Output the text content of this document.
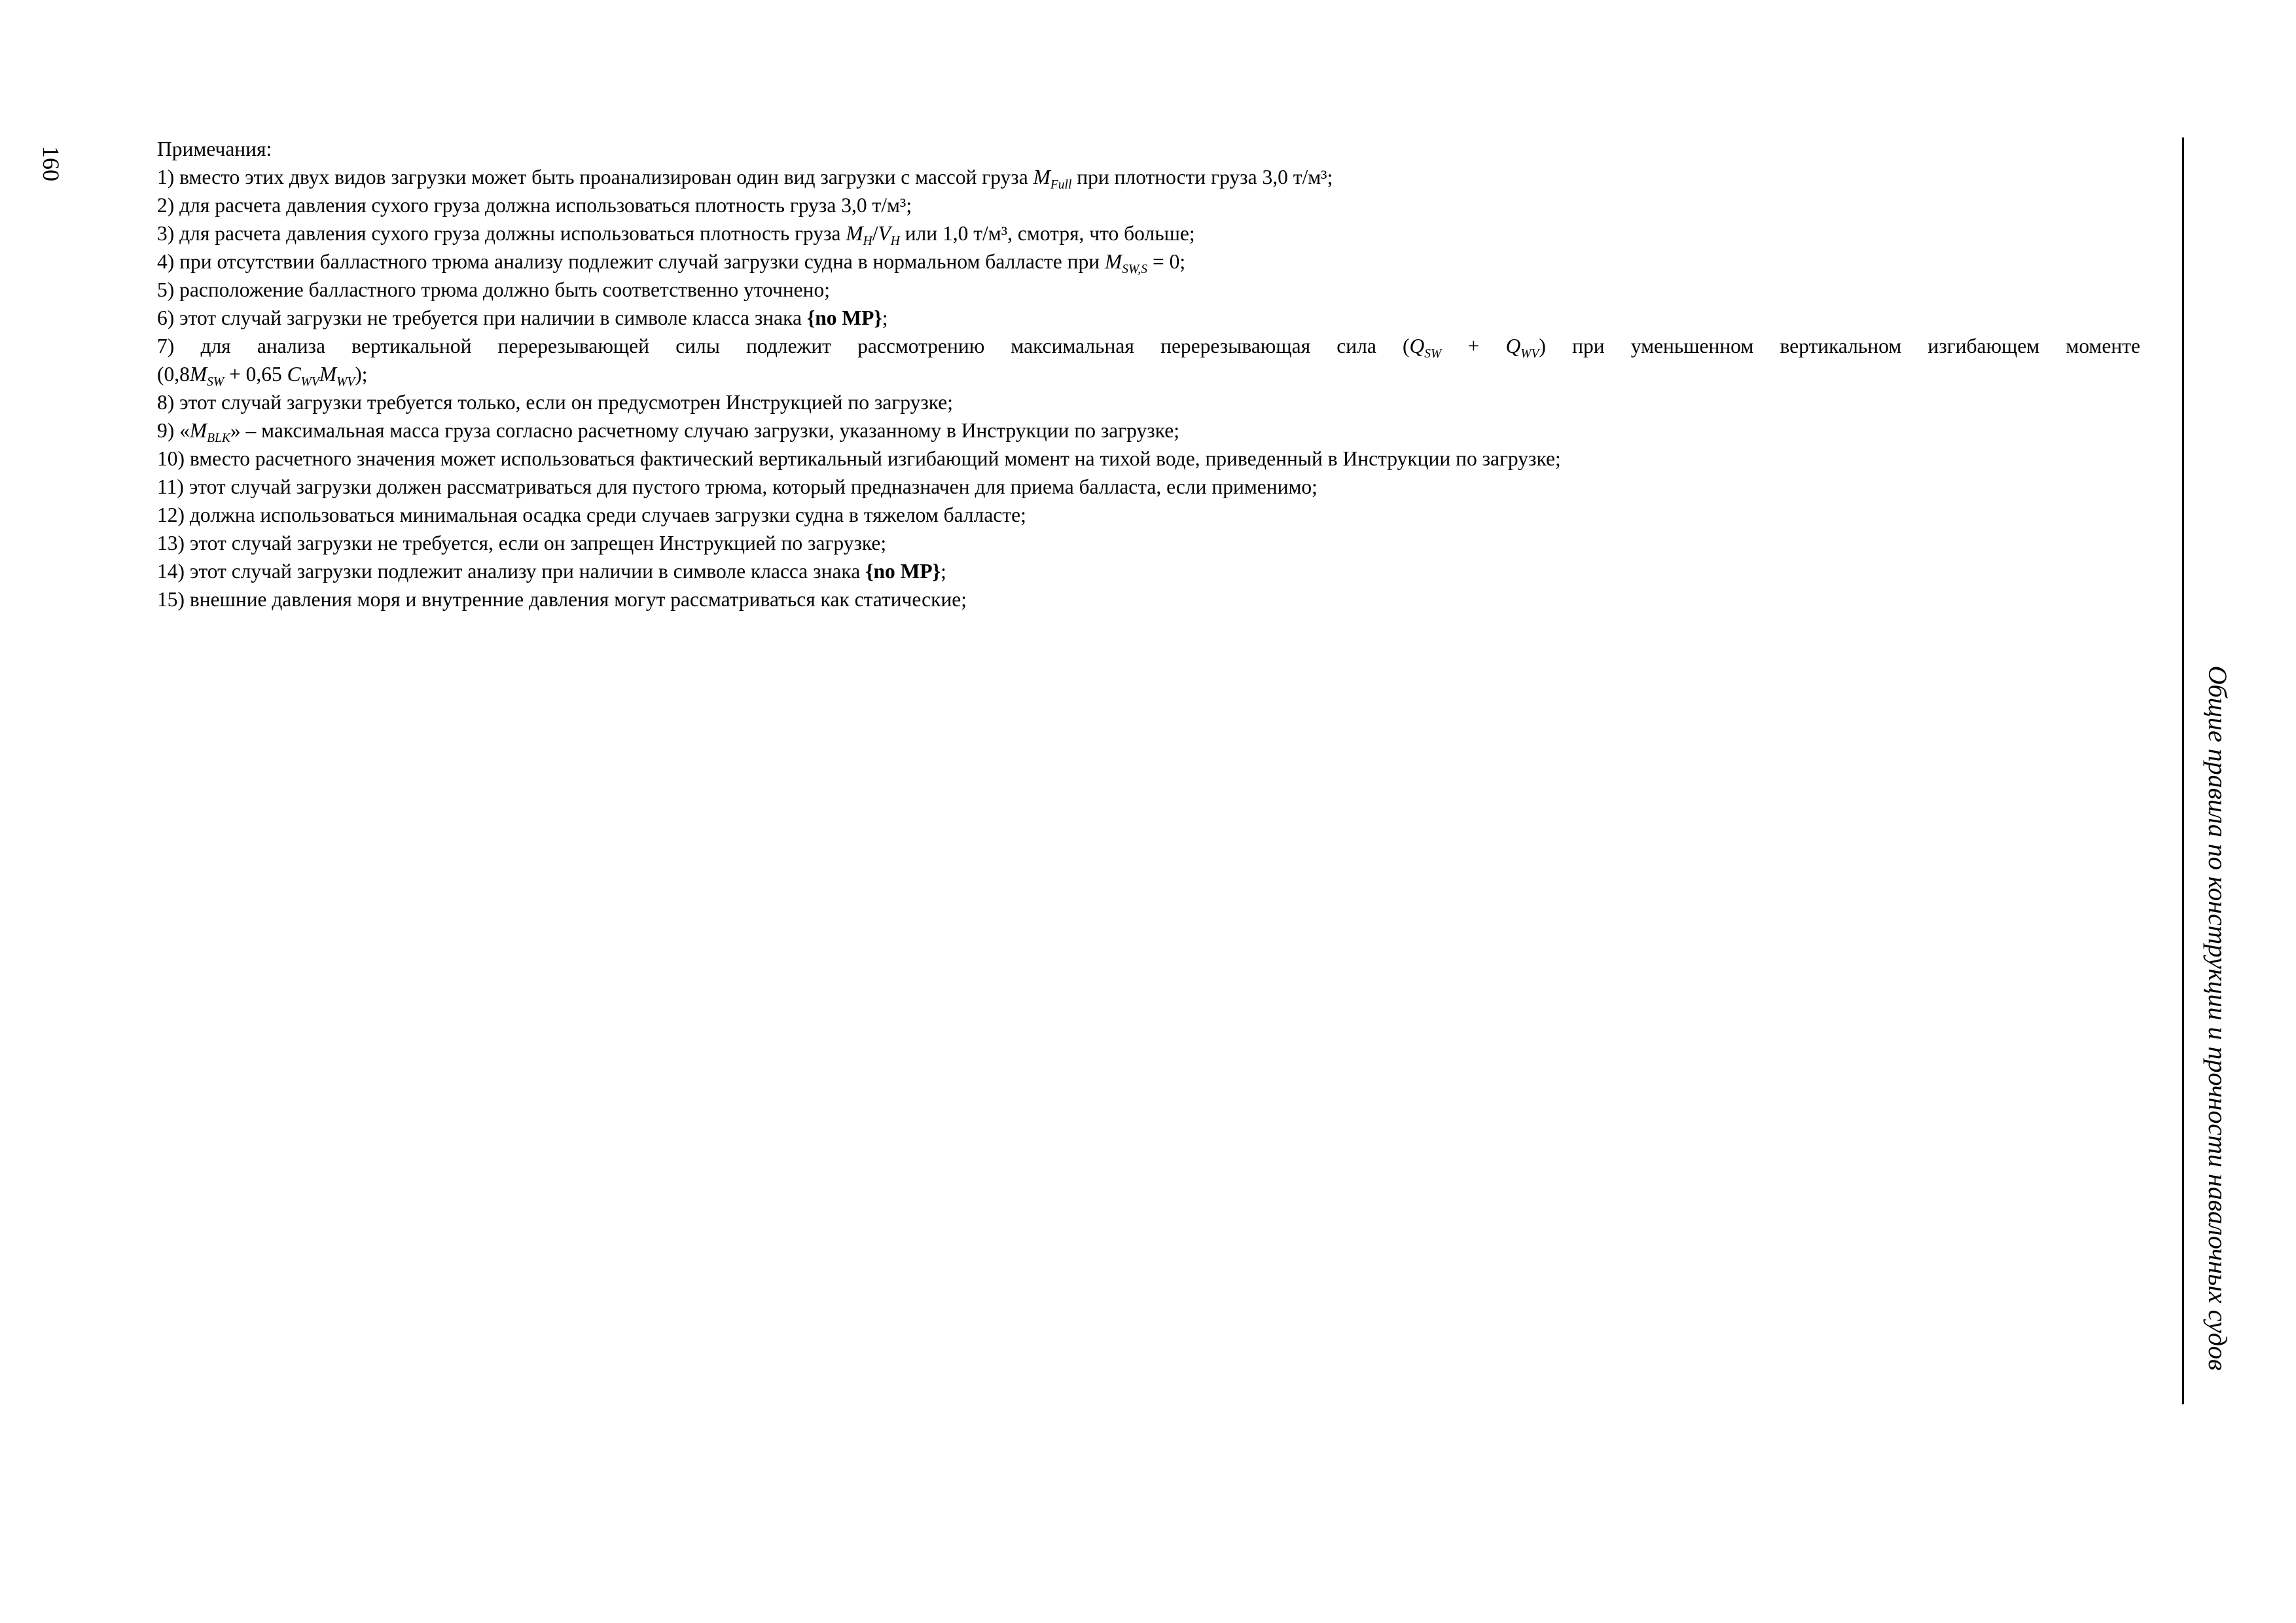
160	Примечания:
1) вместо этих двух видов загрузки может быть проанализирован один вид загрузки с массой груза $M_{Full}$ при плотности груза 3,0 т/м³;
2) для расчета давления сухого груза должна использоваться плотность груза 3,0 т/м³;
3) для расчета давления сухого груза должны использоваться плотность груза $M_H/V_H$ или 1,0 т/м³, смотря, что больше;
4) при отсутствии балластного трюма анализу подлежит случай загрузки судна в нормальном балласте при $M_{SW,S} = 0$;
5) расположение балластного трюма должно быть соответственно уточнено;
6) этот случай загрузки не требуется при наличии в символе класса знака {no MP};
7) для анализа вертикальной перерезывающей силы подлежит рассмотрению максимальная перерезывающая сила $(Q_{SW} + Q_{WV})$ при уменьшенном вертикальном изгибающем моменте
($0,8M_{SW} + 0,65$ $C_{WV}M_{WV}$);
8) этот случай загрузки требуется только, если он предусмотрен Инструкцией по загрузке;
9) «$M_{BLK}$» – максимальная масса груза согласно расчетному случаю загрузки, указанному в Инструкции по загрузке;
10) вместо расчетного значения может использоваться фактический вертикальный изгибающий момент на тихой воде, приведенный в Инструкции по загрузке;
11) этот случай загрузки должен рассматриваться для пустого трюма, который предназначен для приема балласта, если применимо;
12) должна использоваться минимальная осадка среди случаев загрузки судна в тяжелом балласте;
13) этот случай загрузки не требуется, если он запрещен Инструкцией по загрузке;
14) этот случай загрузки подлежит анализу при наличии в символе класса знака {no MP};
15) внешние давления моря и внутренние давления могут рассматриваться как статические;
Общие правила по конструкции и прочности навалочных судов
